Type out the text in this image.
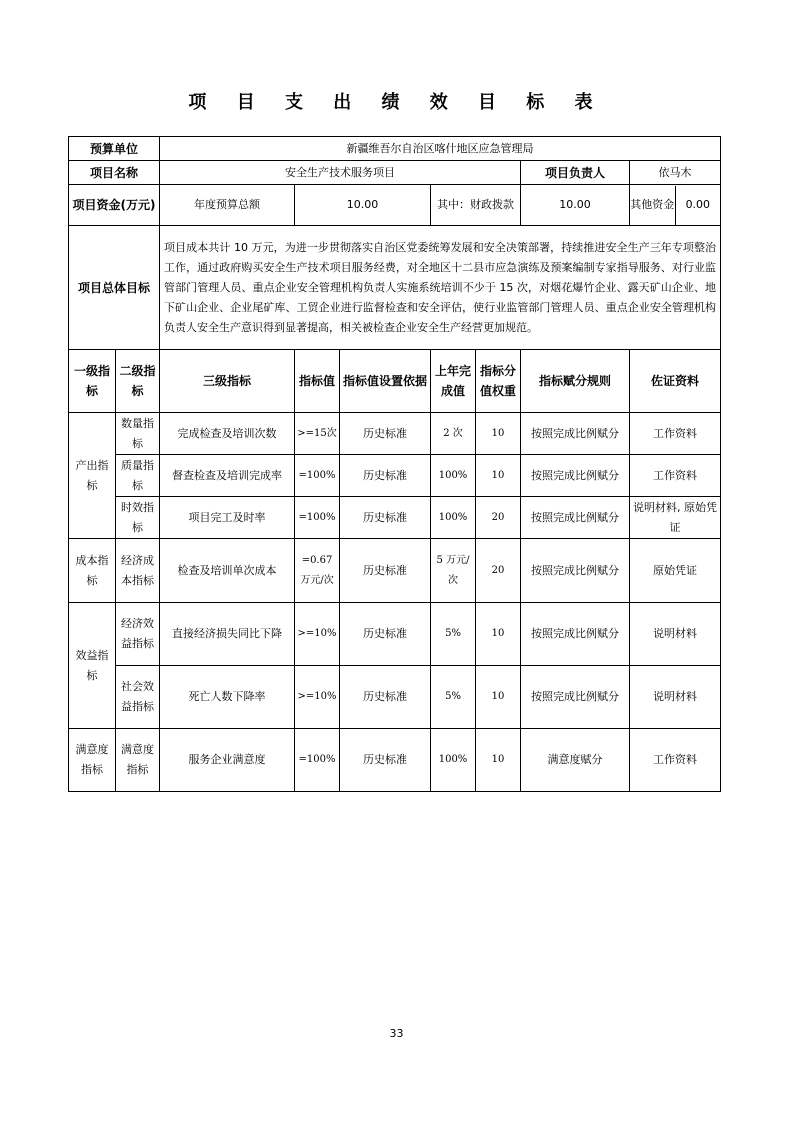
项 目 支 出 绩 效 目 标 表
预算单位		新疆维吾尔自治区喀什地区应急管理局						
项目名称		安全生产技术服务项目					项目负责人	依马木
项目资金(万元)		年度预算总额	10.00		其中：财政拨款		10.00	其他资金 0.00

项目总体目标		项目成本共计 10 万元，为进一步贯彻落实自治区党委统筹发展和安全决策部署，持续推进安全生产三年专项整治工作，通过政府购买安全生产技术项目服务经费，对全地区十二县市应急演练及预案编制专家指导服务、对行业监管部门管理人员、重点企业安全管理机构负责人实施系统培训不少于 15 次，对烟花爆竹企业、露天矿山企业、地下矿山企业、企业尾矿库、工贸企业进行监督检查和安全评估，使行业监管部门管理人员、重点企业安全管理机构负责人安全生产意识得到显著提高，相关被检查企业安全生产经营更加规范。						
一级指标	二级指标	三级指标	指标值	指标值设置依据	上年完成值	指标分值权重	指标赋分规则	佐证资料
产出指标	数量指标	完成检查及培训次数	>=15次	历史标准	2 次	10	按照完成比例赋分	工作资料
	质量指标	督查检查及培训完成率	=100%	历史标准	100%	10	按照完成比例赋分	工作资料
	时效指标	项目完工及时率	=100%	历史标准	100%	20	按照完成比例赋分	说明材料, 原始凭证
成本指标	经济成本指标	检查及培训单次成本	=0.67万元/次	历史标准	5 万元/次	20	按照完成比例赋分	原始凭证
效益指标	经济效益指标	直接经济损失同比下降	>=10%	历史标准	5%	10	按照完成比例赋分	说明材料
	社会效益指标	死亡人数下降率	>=10%	历史标准	5%	10	按照完成比例赋分	说明材料
满意度指标	满意度指标	服务企业满意度	=100%	历史标准	100%	10	满意度赋分	工作资料
33
